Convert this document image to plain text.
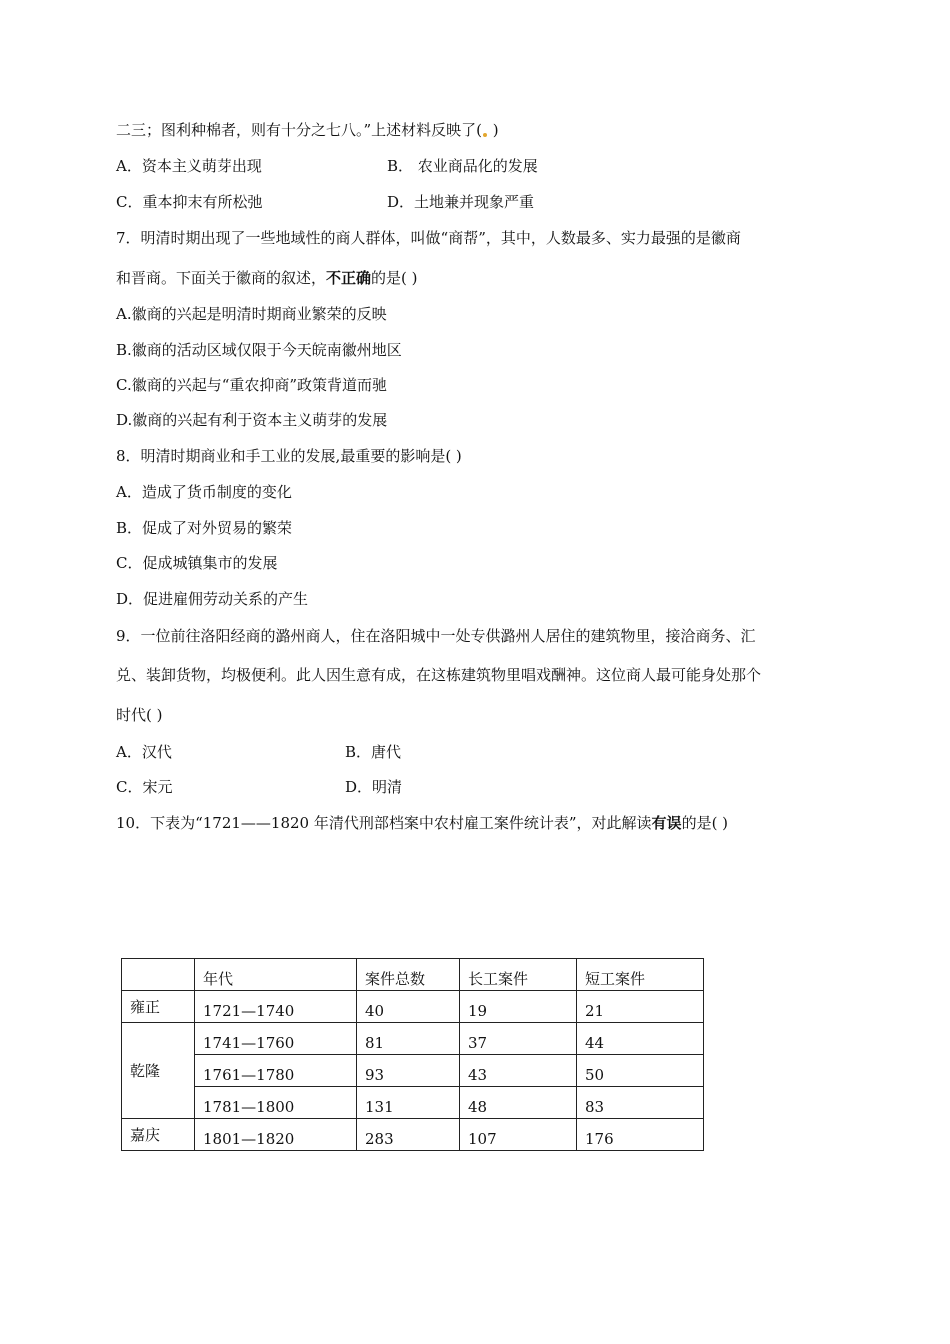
二三；图利种棉者，则有十分之七八。”上述材料反映了( )
A．资本主义萌芽出现	B． 农业商品化的发展
C．重本抑末有所松弛	D．土地兼并现象严重
7．明清时期出现了一些地域性的商人群体，叫做“商帮”，其中，人数最多、实力最强的是徽商
和晋商。下面关于徽商的叙述，不正确的是( )
A.徽商的兴起是明清时期商业繁荣的反映
B.徽商的活动区域仅限于今天皖南徽州地区
C.徽商的兴起与“重农抑商”政策背道而驰
D.徽商的兴起有利于资本主义萌芽的发展
8．明清时期商业和手工业的发展,最重要的影响是( )
A．造成了货币制度的变化
B．促成了对外贸易的繁荣
C．促成城镇集市的发展
D．促进雇佣劳动关系的产生
9．一位前往洛阳经商的潞州商人，住在洛阳城中一处专供潞州人居住的建筑物里，接洽商务、汇
兑、装卸货物，均极便利。此人因生意有成，在这栋建筑物里唱戏酬神。这位商人最可能身处那个
时代( )
A．汉代	B．唐代
C．宋元	D．明清
10．下表为“1721——1820 年清代刑部档案中农村雇工案件统计表”，对此解读有误的是( )
	年代	案件总数	长工案件	短工案件
雍正	1721—1740	40	19	21
乾隆	1741—1760	81	37	44
	1761—1780	93	43	50
	1781—1800	131	48	83
嘉庆	1801—1820	283	107	176
